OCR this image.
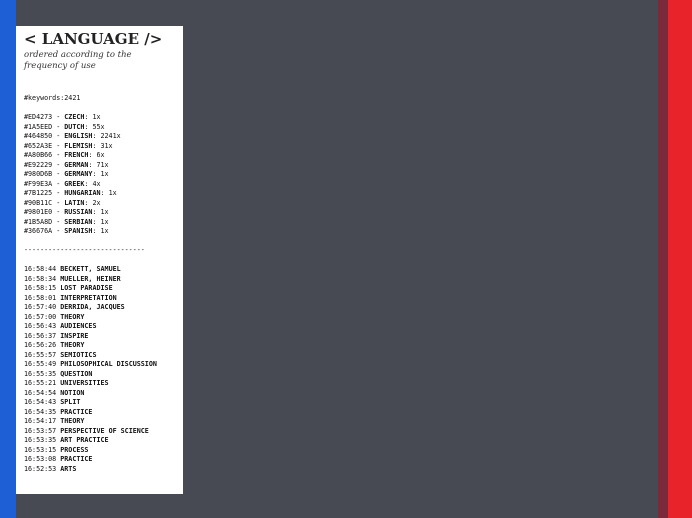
< LANGUAGE />

ordered according to the frequency of use

#keywords:2421
#ED4273 - CZECH: 1x
#1A5EED - DUTCH: 55x
#464850 - ENGLISH: 2241x
#652A3E - FLEMISH: 31x
#A80B66 - FRENCH: 6x
#E92229 - GERMAN: 71x
#980D6B - GERMANY: 1x
#F99E3A - GREEK: 4x
#7B1225 - HUNGARIAN: 1x
#90B11C - LATIN: 2x
#9801E0 - RUSSIAN: 1x
#1B5A8D - SERBIAN: 1x
#36676A - SPANISH: 1x
------------------------------
16:58:44 BECKETT, SAMUEL
16:58:34 MUELLER, HEINER
16:58:15 LOST PARADISE
16:58:01 INTERPRETATION
16:57:40 DERRIDA, JACQUES
16:57:00 THEORY
16:56:43 AUDIENCES
16:56:37 INSPIRE
16:56:26 THEORY
16:55:57 SEMIOTICS
16:55:49 PHILOSOPHICAL DISCUSSION
16:55:35 QUESTION
16:55:21 UNIVERSITIES
16:54:54 NOTION
16:54:43 SPLIT
16:54:35 PRACTICE
16:54:17 THEORY
16:53:57 PERSPECTIVE OF SCIENCE
16:53:35 ART PRACTICE
16:53:15 PROCESS
16:53:08 PRACTICE
16:52:53 ARTS
